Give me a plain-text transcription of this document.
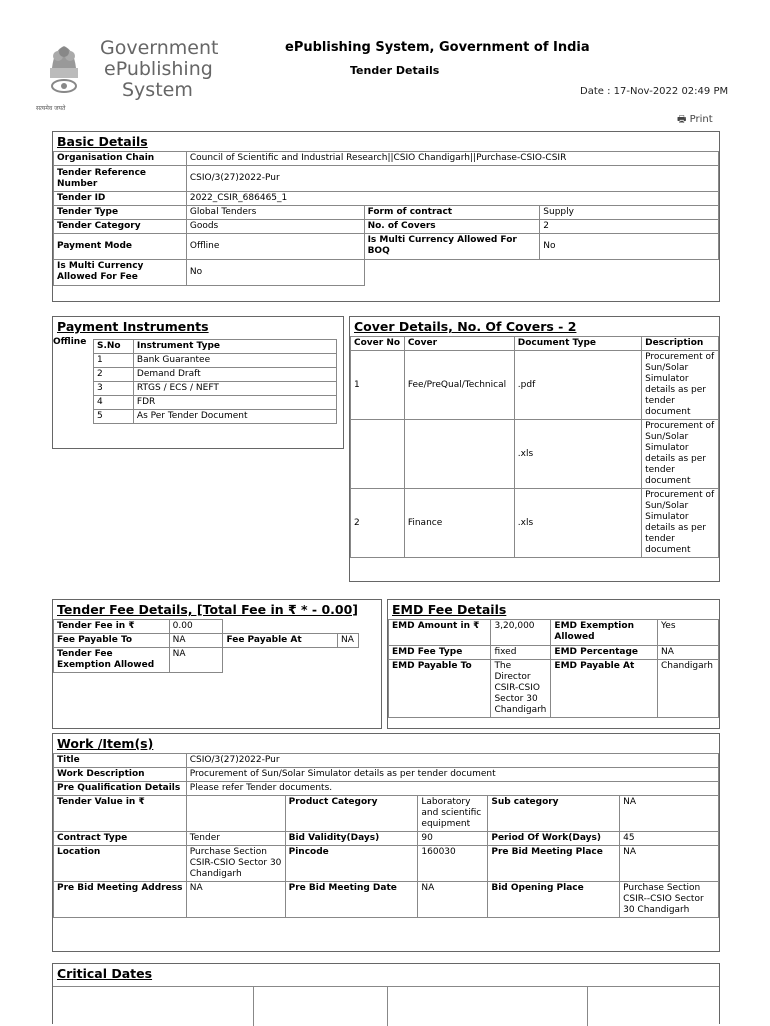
सत्यमेव जयते
Government
ePublishing
System
ePublishing System, Government of India
Tender Details
Date : 17-Nov-2022 02:49 PM
🖶 Print
Basic Details
Organisation Chain	Council of Scientific and Industrial Research||CSIO Chandigarh||Purchase-CSIO-CSIR		
Tender Reference Number	CSIO/3(27)2022-Pur		
Tender ID	2022_CSIR_686465_1		
Tender Type	Global Tenders	Form of contract	Supply
Tender Category	Goods	No. of Covers	2
Payment Mode	Offline	Is Multi Currency Allowed For BOQ	No
Is Multi Currency Allowed For Fee	No		
Payment Instruments
Offline S.No	Instrument Type
1	Bank Guarantee
2	Demand Draft
3	RTGS / ECS / NEFT
4	FDR
5	As Per Tender Document
Cover Details, No. Of Covers - 2
Cover No	Cover	Document Type	Description
1	Fee/PreQual/Technical	.pdf	Procurement of Sun/Solar Simulator details as per tender document
		.xls	Procurement of Sun/Solar Simulator details as per tender document
2	Finance	.xls	Procurement of Sun/Solar Simulator details as per tender document
Tender Fee Details, [Total Fee in ₹ * - 0.00]
Tender Fee in ₹	0.00		
Fee Payable To	NA	Fee Payable At	NA
Tender Fee Exemption Allowed	NA		
EMD Fee Details
EMD Amount in ₹	3,20,000	EMD Exemption Allowed	Yes
EMD Fee Type	fixed	EMD Percentage	NA
EMD Payable To	The Director CSIR-CSIO Sector 30 Chandigarh	EMD Payable At	Chandigarh
Work /Item(s)
Title	CSIO/3(27)2022-Pur				
Work Description	Procurement of Sun/Solar Simulator details as per tender document				
Pre Qualification Details	Please refer Tender documents.				
Tender Value in ₹		Product Category	Laboratory and scientific equipment	Sub category	NA
Contract Type	Tender	Bid Validity(Days)	90	Period Of Work(Days)	45
Location	Purchase Section CSIR-CSIO Sector 30 Chandigarh	Pincode	160030	Pre Bid Meeting Place	NA
Pre Bid Meeting Address	NA	Pre Bid Meeting Date	NA	Bid Opening Place	Purchase Section CSIR--CSIO Sector 30 Chandigarh
Critical Dates
